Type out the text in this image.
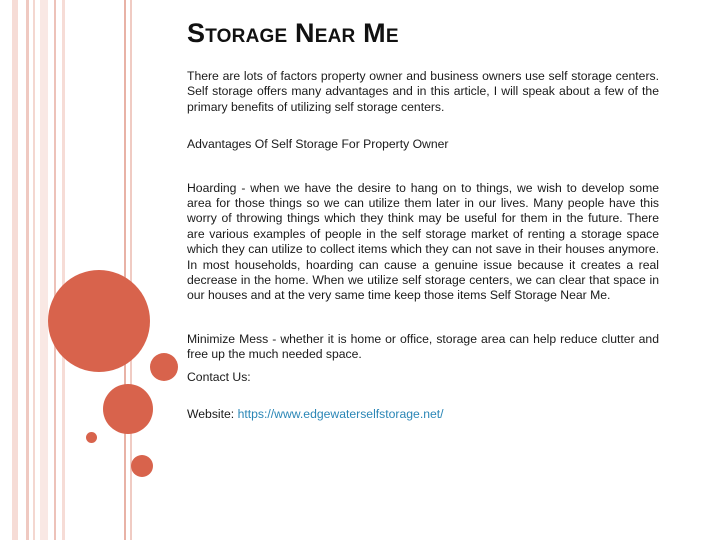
Storage Near Me

There are lots of factors property owner and business owners use self storage centers. Self storage offers many advantages and in this article, I will speak about a few of the primary benefits of utilizing self storage centers.

Advantages Of Self Storage For Property Owner

Hoarding - when we have the desire to hang on to things, we wish to develop some area for those things so we can utilize them later in our lives. Many people have this worry of throwing things which they think may be useful for them in the future. There are various examples of people in the self storage market of renting a storage space which they can utilize to collect items which they can not save in their houses anymore. In most households, hoarding can cause a genuine issue because it creates a real decrease in the home. When we utilize self storage centers, we can clear that space in our houses and at the very same time keep those items Self Storage Near Me.

Minimize Mess - whether it is home or office, storage area can help reduce clutter and free up the much needed space.

Contact Us:

Website: https://www.edgewaterselfstorage.net/
